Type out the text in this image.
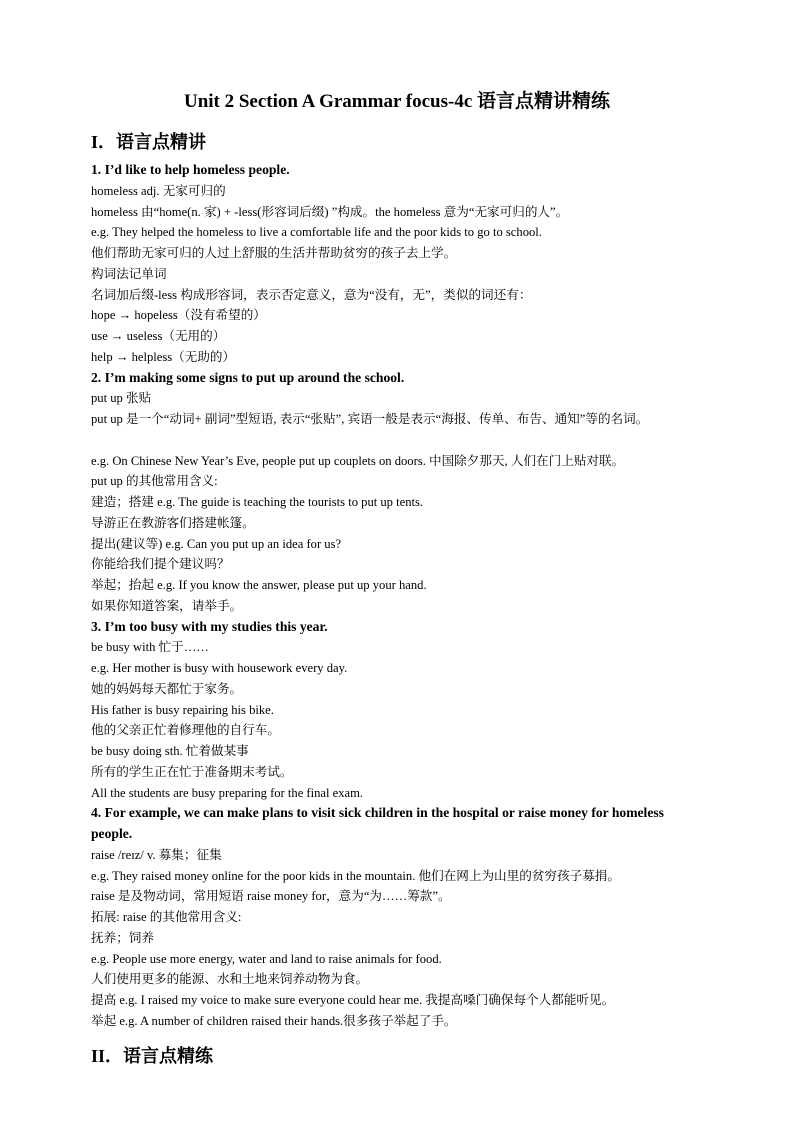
Unit 2 Section A Grammar focus-4c 语言点精讲精练
I．语言点精讲
1. I’d like to help homeless people.
homeless adj. 无家可归的
homeless 由“home(n. 家) + -less(形容词后缀) ”构成。the homeless 意为“无家可归的人”。
e.g. They helped the homeless to live a comfortable life and the poor kids to go to school.
他们帮助无家可归的人过上舒服的生活并帮助贫穷的孩子去上学。
构词法记单词
名词加后缀-less 构成形容词，表示否定意义，意为“没有，无”，类似的词还有：
hope → hopeless（没有希望的）
use → useless（无用的）
help → helpless（无助的）
2. I’m making some signs to put up around the school.
put up 张贴
put up 是一个“动词+ 副词”型短语, 表示“张贴”, 宾语一般是表示“海报、传单、布告、通知”等的名词。
e.g. On Chinese New Year’s Eve, people put up couplets on doors. 中国除夕那天, 人们在门上贴对联。
put up 的其他常用含义:
建造；搭建 e.g. The guide is teaching the tourists to put up tents.
导游正在教游客们搭建帐篷。
提出(建议等) e.g. Can you put up an idea for us?
你能给我们提个建议吗？
举起；抬起 e.g. If you know the answer, please put up your hand.
如果你知道答案，请举手。
3. I’m too busy with my studies this year.
be busy with 忙于……
e.g. Her mother is busy with housework every day.
她的妈妈每天都忙于家务。
His father is busy repairing his bike.
他的父亲正忙着修理他的自行车。
be busy doing sth. 忙着做某事
所有的学生正在忙于准备期末考试。
All the students are busy preparing for the final exam.
4. For example, we can make plans to visit sick children in the hospital or raise money for homeless people.
raise /reɪz/ v. 募集；征集
e.g. They raised money online for the poor kids in the mountain. 他们在网上为山里的贫穷孩子募捐。
raise 是及物动词，常用短语 raise money for，意为“为……筹款”。
拓展: raise 的其他常用含义:
抚养；饲养
e.g. People use more energy, water and land to raise animals for food.
人们使用更多的能源、水和土地来饲养动物为食。
提高 e.g. I raised my voice to make sure everyone could hear me. 我提高嗓门确保每个人都能听见。
举起 e.g. A number of children raised their hands.很多孩子举起了手。
II．语言点精练
